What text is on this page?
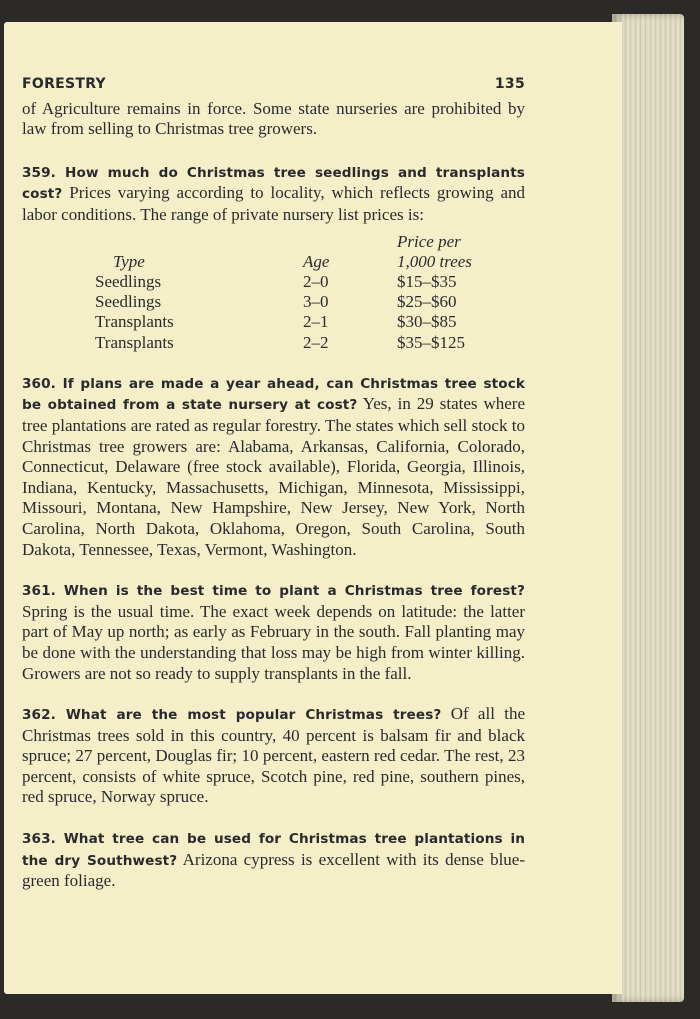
FORESTRY	135

of Agriculture remains in force. Some state nurseries are prohibited by law from selling to Christmas tree growers.

359. How much do Christmas tree seedlings and transplants cost? Prices varying according to locality, which reflects growing and labor conditions. The range of private nursery list prices is:

Type	Age	Price per
1,000 trees
Seedlings	2–0	$15–$35
Seedlings	3–0	$25–$60
Transplants	2–1	$30–$85
Transplants	2–2	$35–$125

360. If plans are made a year ahead, can Christmas tree stock be obtained from a state nursery at cost? Yes, in 29 states where tree plantations are rated as regular forestry. The states which sell stock to Christmas tree growers are: Alabama, Arkansas, California, Colorado, Connecticut, Delaware (free stock available), Florida, Georgia, Illinois, Indiana, Kentucky, Massachusetts, Michigan, Minnesota, Mississippi, Missouri, Montana, New Hampshire, New Jersey, New York, North Carolina, North Dakota, Oklahoma, Oregon, South Carolina, South Dakota, Tennessee, Texas, Vermont, Washington.

361. When is the best time to plant a Christmas tree forest? Spring is the usual time. The exact week depends on latitude: the latter part of May up north; as early as February in the south. Fall planting may be done with the understanding that loss may be high from winter killing. Growers are not so ready to supply transplants in the fall.

362. What are the most popular Christmas trees? Of all the Christmas trees sold in this country, 40 percent is balsam fir and black spruce; 27 percent, Douglas fir; 10 percent, eastern red cedar. The rest, 23 percent, consists of white spruce, Scotch pine, red pine, southern pines, red spruce, Norway spruce.

363. What tree can be used for Christmas tree plantations in the dry Southwest? Arizona cypress is excellent with its dense blue-green foliage.
